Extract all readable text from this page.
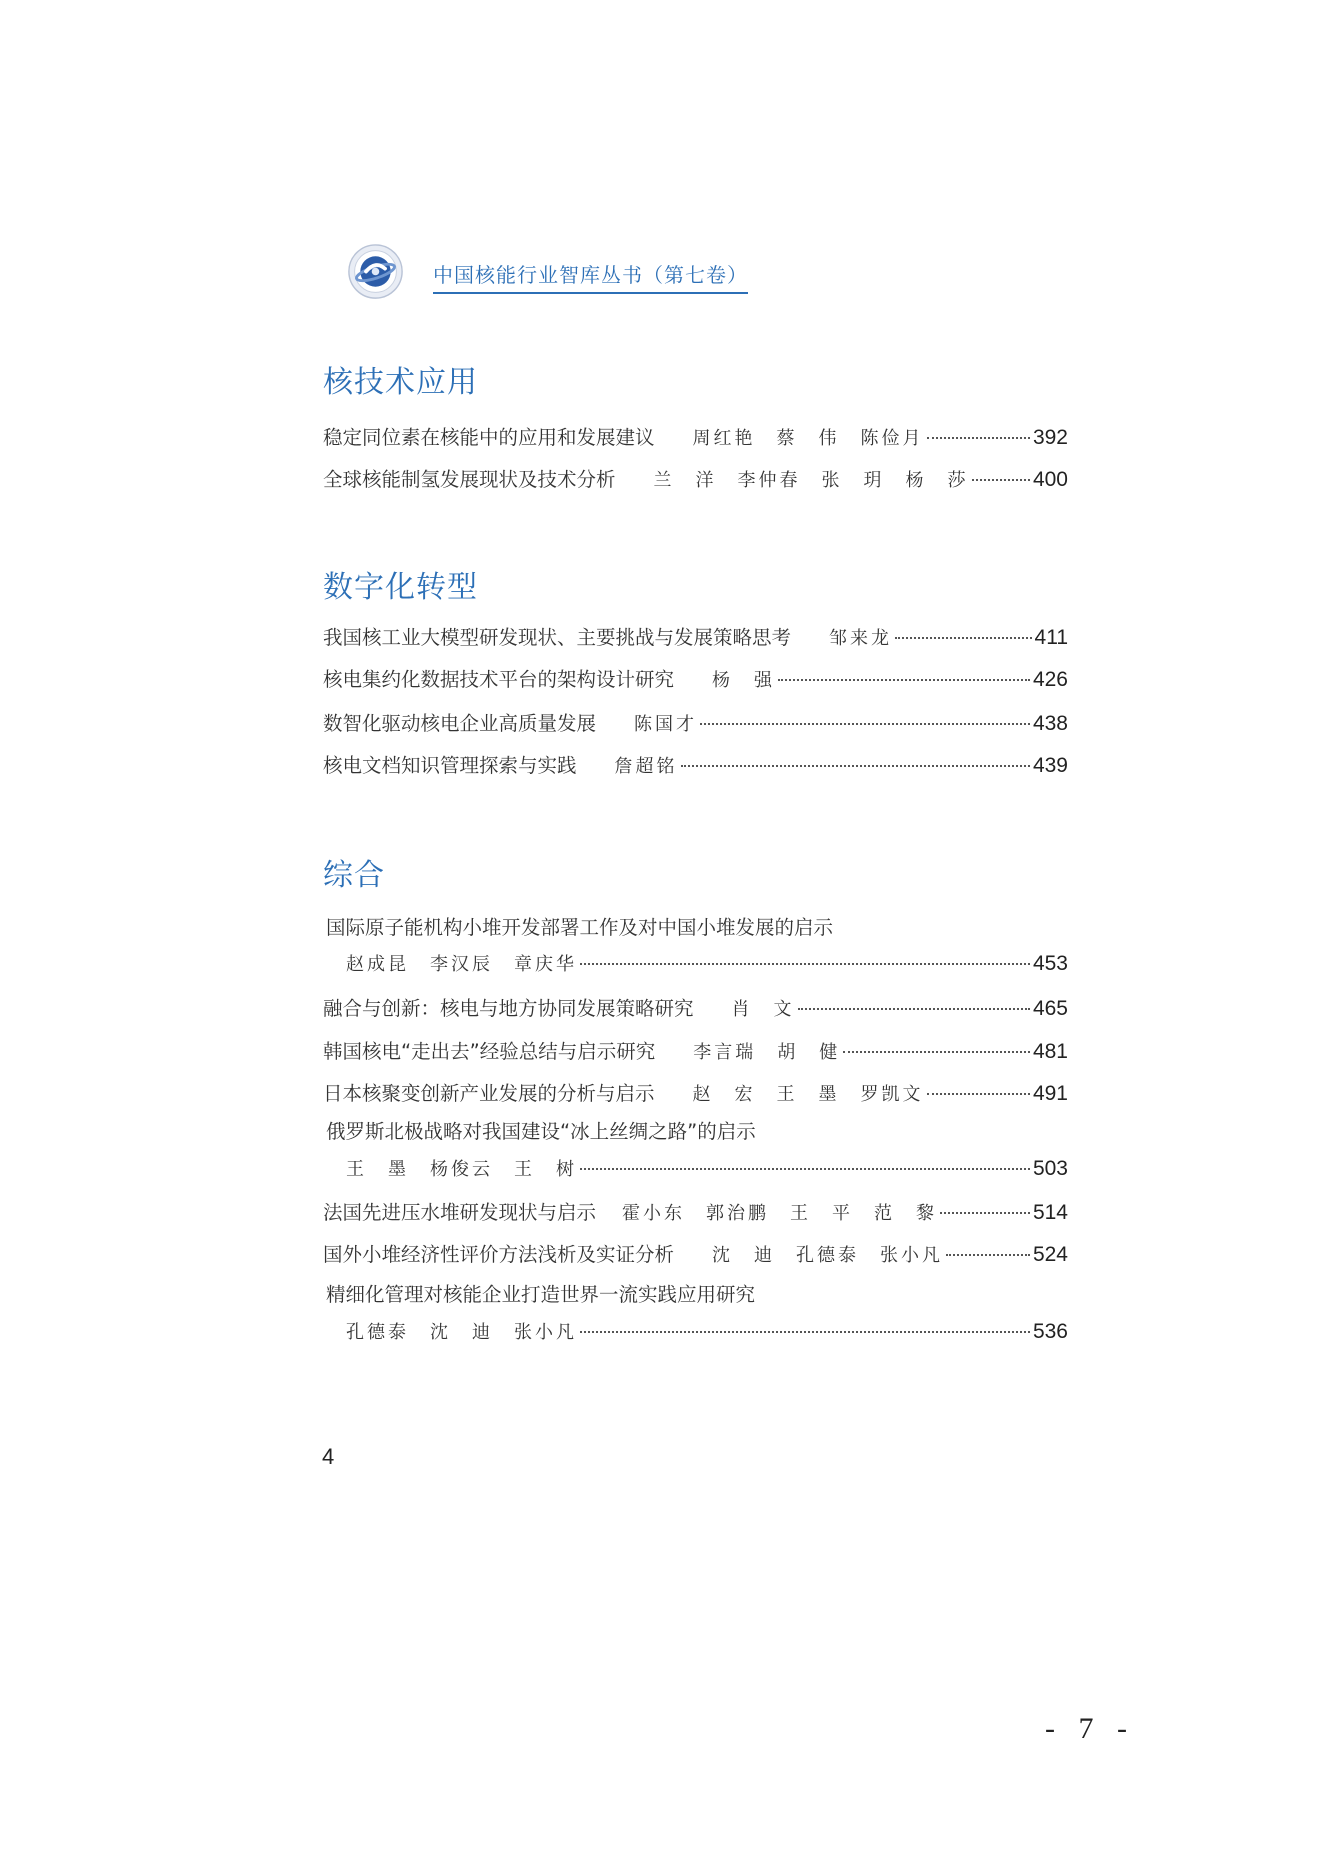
中国核能行业智库丛书（第七卷）
核技术应用
稳定同位素在核能中的应用和发展建议 周红艳　蔡　伟　陈俭月	392
全球核能制氢发展现状及技术分析 兰　洋　李仲春　张　玥　杨　莎	400
数字化转型
我国核工业大模型研发现状、主要挑战与发展策略思考 邹来龙	411
核电集约化数据技术平台的架构设计研究 杨　强	426
数智化驱动核电企业高质量发展 陈国才	438
核电文档知识管理探索与实践 詹超铭	439
综合
国际原子能机构小堆开发部署工作及对中国小堆发展的启示
赵成昆　李汉辰　章庆华	453
融合与创新：核电与地方协同发展策略研究 肖　文	465
韩国核电“走出去”经验总结与启示研究 李言瑞　胡　健	481
日本核聚变创新产业发展的分析与启示 赵　宏　王　墨　罗凯文	491
俄罗斯北极战略对我国建设“冰上丝绸之路”的启示
王　墨　杨俊云　王　树	503
法国先进压水堆研发现状与启示 霍小东　郭治鹏　王　平　范　黎	514
国外小堆经济性评价方法浅析及实证分析 沈　迪　孔德泰　张小凡	524
精细化管理对核能企业打造世界一流实践应用研究
孔德泰　沈　迪　张小凡	536
4
- 7 -
